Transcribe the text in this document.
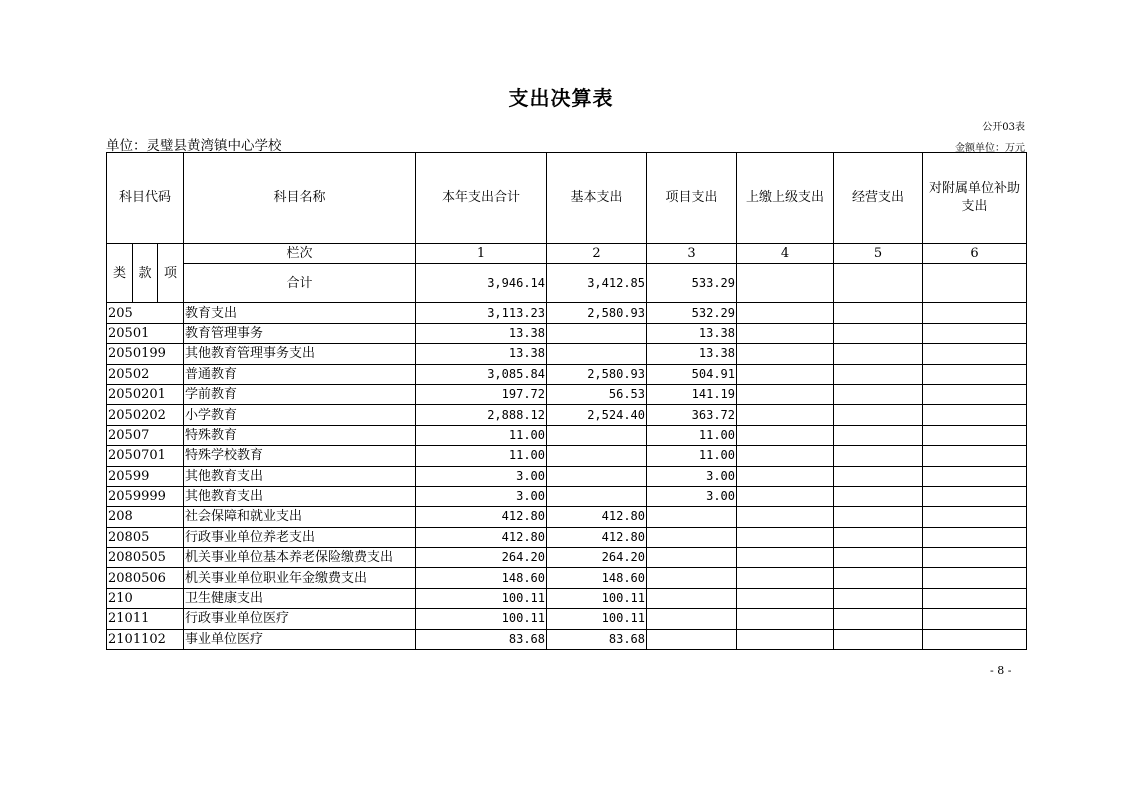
支出决算表
公开03表
单位：灵璧县黄湾镇中心学校	金额单位：万元
科目代码			科目名称	本年支出合计	基本支出	项目支出	上缴上级支出	经营支出	对附属单位补助支出
类	款	项	栏次	1	2	3	4	5	6
			合计	3,946.14	3,412.85	533.29			
205			教育支出	3,113.23	2,580.93	532.29			
20501			教育管理事务	13.38		13.38			
2050199			其他教育管理事务支出	13.38		13.38			
20502			普通教育	3,085.84	2,580.93	504.91			
2050201			学前教育	197.72	56.53	141.19			
2050202			小学教育	2,888.12	2,524.40	363.72			
20507			特殊教育	11.00		11.00			
2050701			特殊学校教育	11.00		11.00			
20599			其他教育支出	3.00		3.00			
2059999			其他教育支出	3.00		3.00			
208			社会保障和就业支出	412.80	412.80				
20805			行政事业单位养老支出	412.80	412.80				
2080505			机关事业单位基本养老保险缴费支出	264.20	264.20				
2080506			机关事业单位职业年金缴费支出	148.60	148.60				
210			卫生健康支出	100.11	100.11				
21011			行政事业单位医疗	100.11	100.11				
2101102			事业单位医疗	83.68	83.68				
- 8 -
